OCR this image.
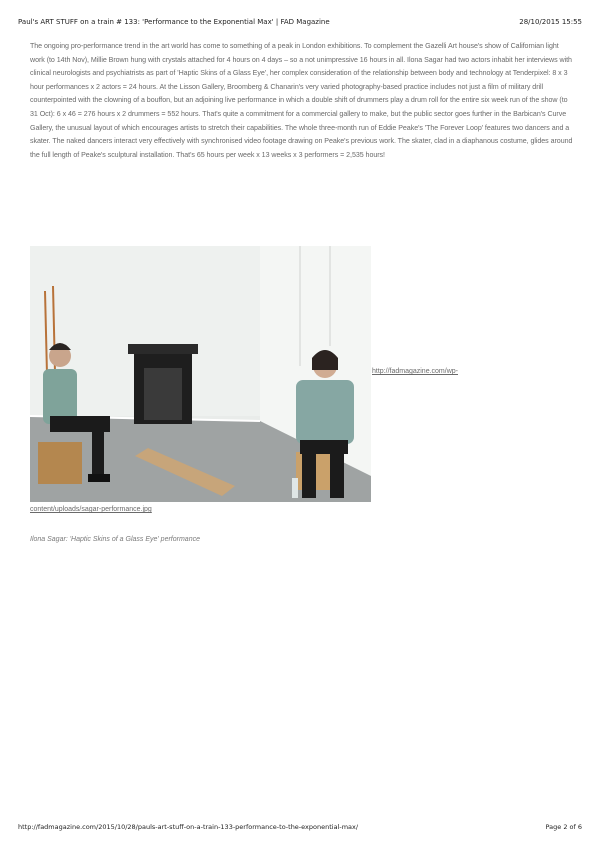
Paul's ART STUFF on a train # 133: 'Performance to the Exponential Max' | FAD Magazine	28/10/2015 15:55

The ongoing pro-performance trend in the art world has come to something of a peak in London exhibitions. To complement the Gazelli Art house's show of Californian light work (to 14th Nov), Millie Brown hung with crystals attached for 4 hours on 4 days – so a not unimpressive 16 hours in all. Ilona Sagar had two actors inhabit her interviews with clinical neurologists and psychiatrists as part of 'Haptic Skins of a Glass Eye', her complex consideration of the relationship between body and technology at Tenderpixel: 8 x 3 hour performances x 2 actors = 24 hours. At the Lisson Gallery, Broomberg & Chanarin's very varied photography-based practice includes not just a film of military drill counterpointed with the clowning of a bouffon, but an adjoining live performance in which a double shift of drummers play a drum roll for the entire six week run of the show (to 31 Oct): 6 x 46 = 276 hours x 2 drummers = 552 hours. That's quite a commitment for a commercial gallery to make, but the public sector goes further in the Barbican's Curve Gallery, the unusual layout of which encourages artists to stretch their capabilities. The whole three-month run of Eddie Peake's 'The Forever Loop' features two dancers and a skater. The naked dancers interact very effectively with synchronised video footage drawing on Peake's previous work. The skater, clad in a diaphanous costume, glides around the full length of Peake's sculptural installation. That's 65 hours per week x 13 weeks x 3 performers = 2,535 hours!

http://fadmagazine.com/wp-
content/uploads/sagar-performance.jpg
Ilona Sagar: 'Haptic Skins of a Glass Eye' performance
http://fadmagazine.com/2015/10/28/pauls-art-stuff-on-a-train-133-performance-to-the-exponential-max/	Page 2 of 6
